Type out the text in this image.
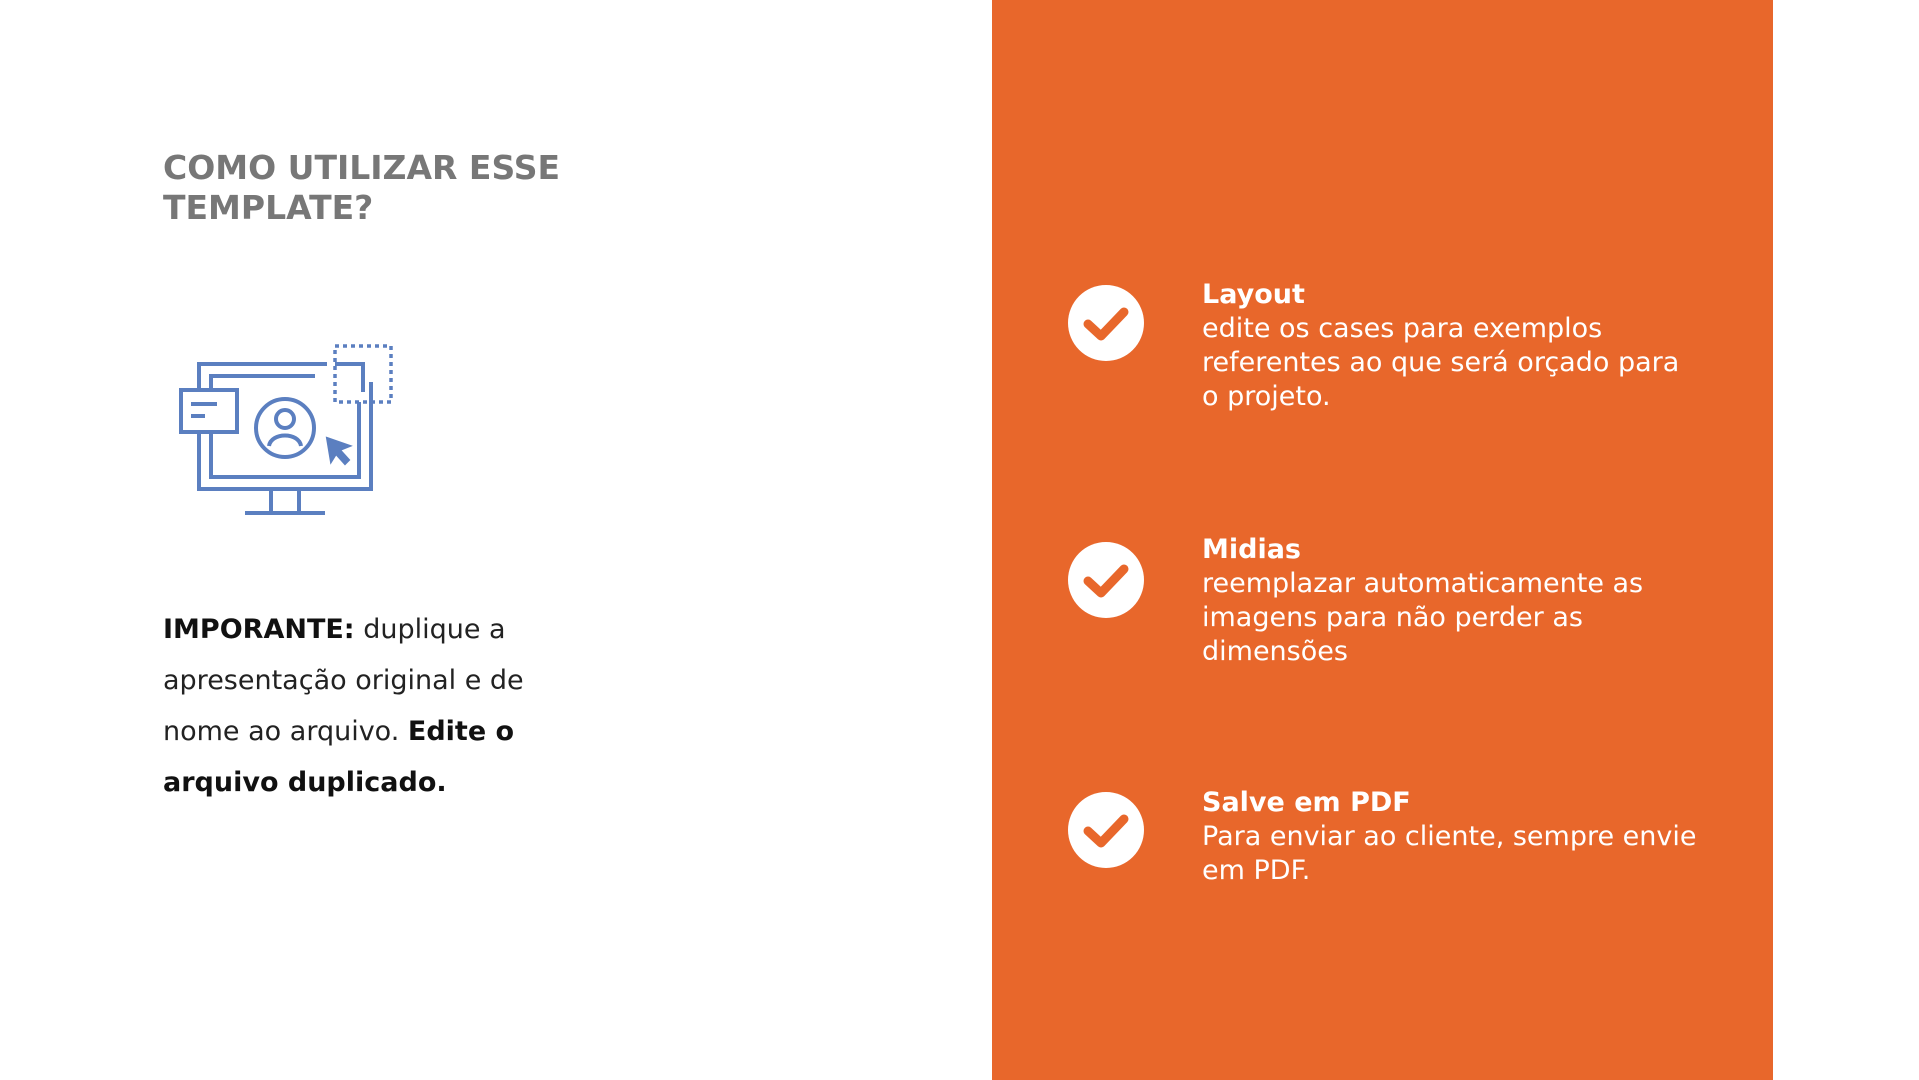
COMO UTILIZAR ESSE TEMPLATE?
IMPORANTE: duplique a apresentação original e de nome ao arquivo. Edite o arquivo duplicado.
Layout
edite os cases para exemplos referentes ao que será orçado para o projeto.
Midias
reemplazar automaticamente as imagens para não perder as dimensões
Salve em PDF
Para enviar ao cliente, sempre envie em PDF.
